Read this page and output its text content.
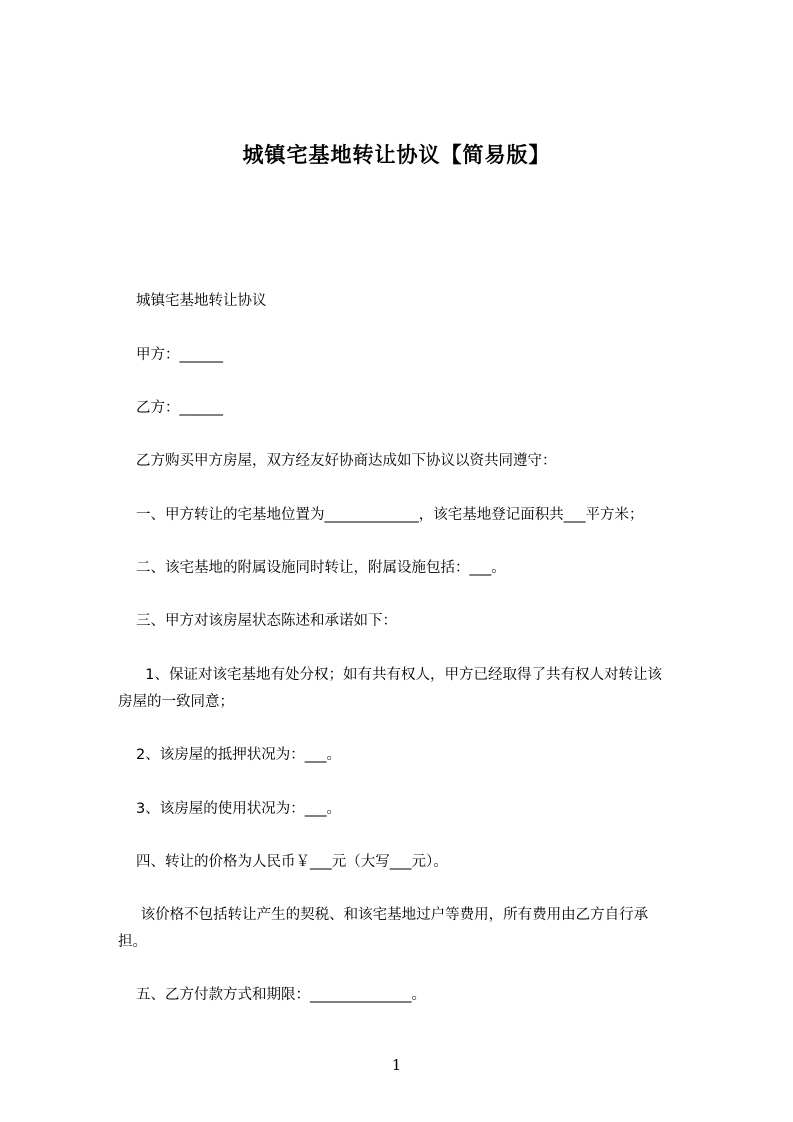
城镇宅基地转让协议【简易版】
城镇宅基地转让协议
甲方：______
乙方：______
乙方购买甲方房屋，双方经友好协商达成如下协议以资共同遵守：
一、甲方转让的宅基地位置为_____________，该宅基地登记面积共___平方米；
二、该宅基地的附属设施同时转让，附属设施包括：___。
三、甲方对该房屋状态陈述和承诺如下：
1、保证对该宅基地有处分权；如有共有权人，甲方已经取得了共有权人对转让该
房屋的一致同意；
2、该房屋的抵押状况为：___。
3、该房屋的使用状况为：___。
四、转让的价格为人民币￥___元（大写___元）。
该价格不包括转让产生的契税、和该宅基地过户等费用，所有费用由乙方自行承
担。
五、乙方付款方式和期限：______________。
1
